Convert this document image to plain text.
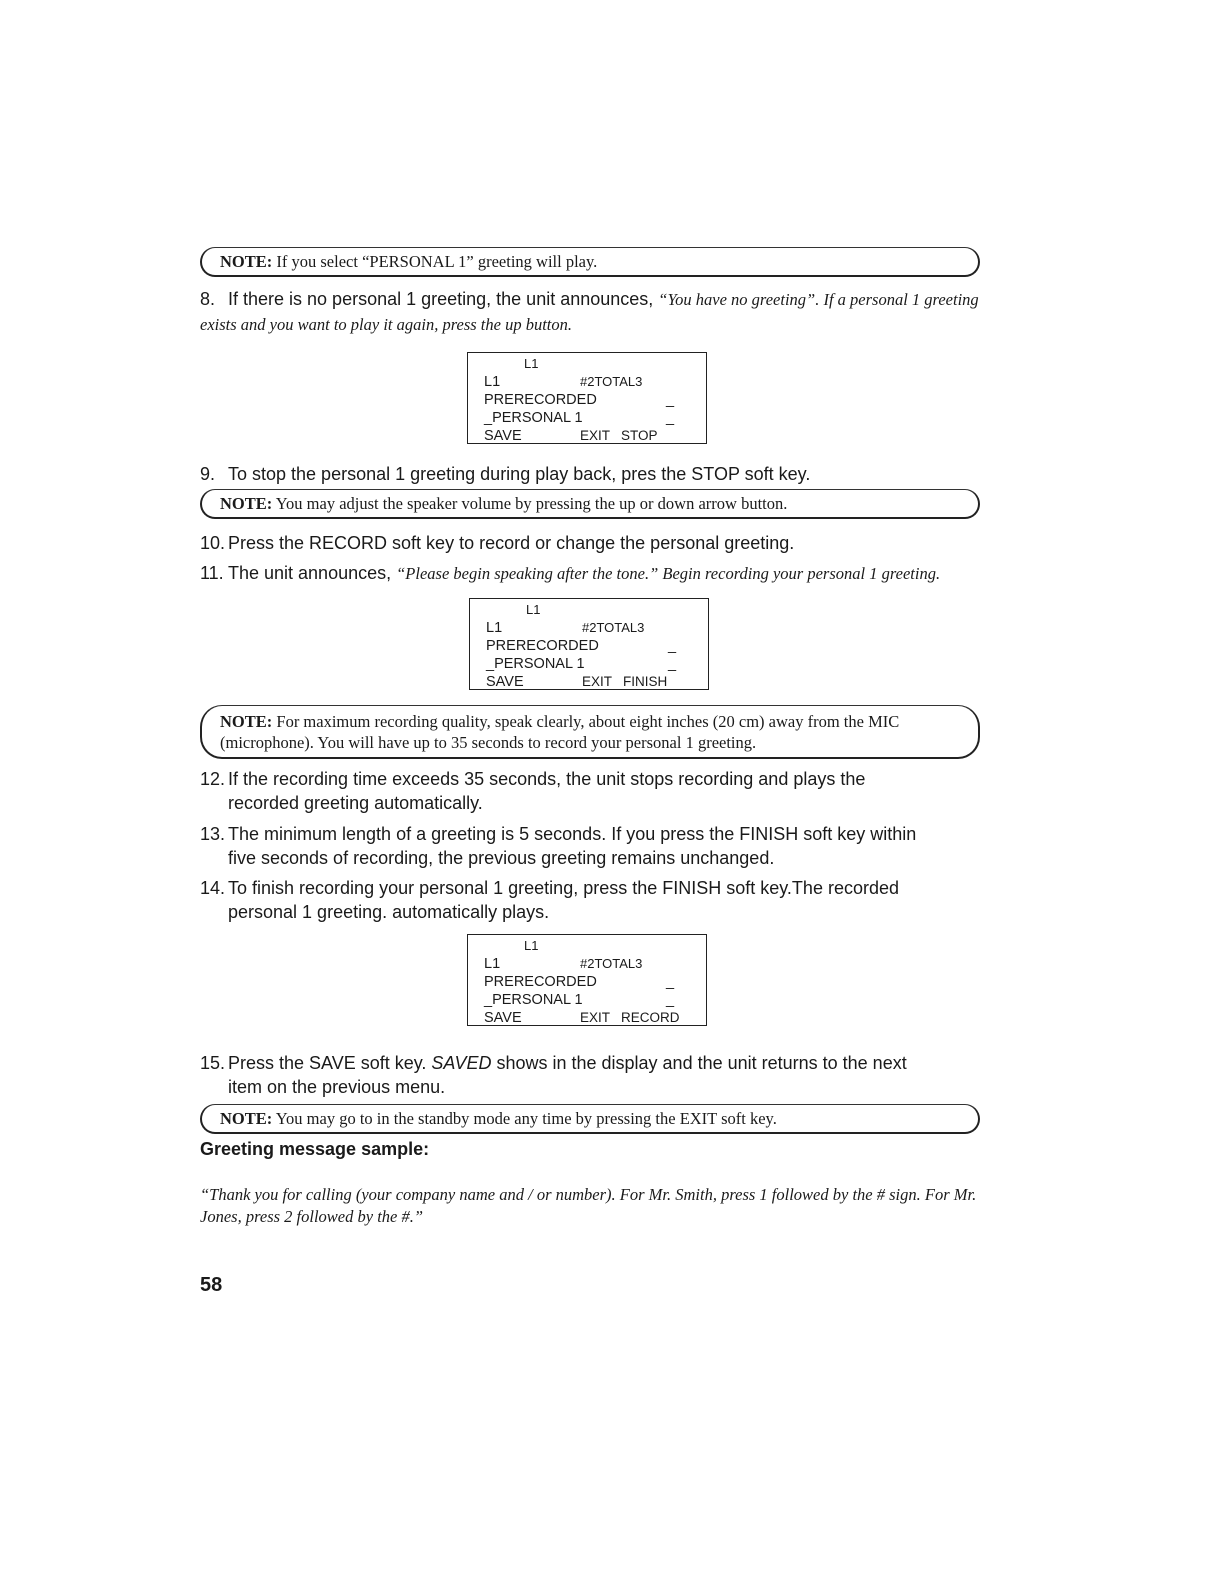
NOTE: If you select “PERSONAL 1” greeting will play.
8. If there is no personal 1 greeting, the unit announces, “You have no greeting”. If a personal 1 greeting exists and you want to play it again, press the up button.
L1
L1	#2TOTAL3
PRERECORDED	_
_PERSONAL 1	_
SAVE	EXIT STOP
9. To stop the personal 1 greeting during play back, pres the STOP soft key.
NOTE: You may adjust the speaker volume by pressing the up or down arrow button.
10. Press the RECORD soft key to record or change the personal greeting.
11. The unit announces, “Please begin speaking after the tone.” Begin recording your personal 1 greeting.
L1
L1	#2TOTAL3
PRERECORDED	_
_PERSONAL 1	_
SAVE	EXIT FINISH
NOTE: For maximum recording quality, speak clearly, about eight inches (20 cm) away from the MIC (microphone). You will have up to 35 seconds to record your personal 1 greeting.
12. If the recording time exceeds 35 seconds, the unit stops recording and plays the
recorded greeting automatically.
13. The minimum length of a greeting is 5 seconds. If you press the FINISH soft key within
five seconds of recording, the previous greeting remains unchanged.
14. To finish recording your personal 1 greeting, press the FINISH soft key.The recorded
personal 1 greeting. automatically plays.
L1
L1	#2TOTAL3
PRERECORDED	_
_PERSONAL 1	_
SAVE	EXIT RECORD
15. Press the SAVE soft key. SAVED shows in the display and the unit returns to the next
item on the previous menu.
NOTE: You may go to in the standby mode any time by pressing the EXIT soft key.
Greeting message sample:
“Thank you for calling (your company name and / or number). For Mr. Smith, press 1 followed by the # sign. For Mr. Jones, press 2 followed by the #.”
58
